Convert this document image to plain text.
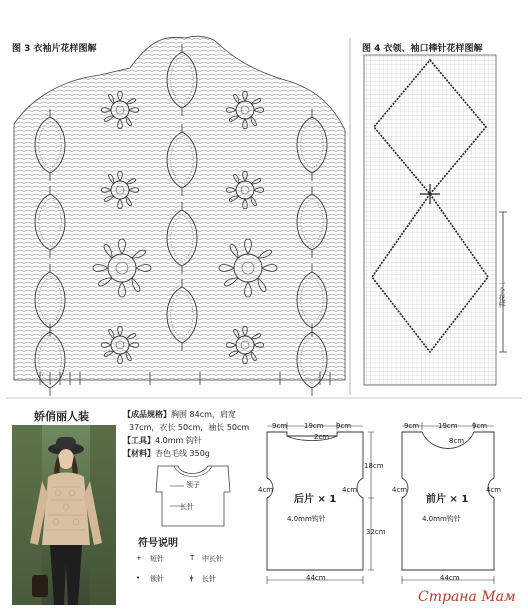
图 3 衣袖片花样图解	图 4 衣领、袖口棒针花样图解
一个花样
娇俏丽人装	【成品规格】胸围 84cm，肩宽
37cm，衣长 50cm，袖长 50cm
【工具】4.0mm 钩针
【材料】杏色毛线 350g
领子
长针
符号说明
+ 短针	T 中长针
• 锁针	ǂ 长针
9cm 19cm 9cm
2cm
18cm
4cm	4cm
后片 × 1
4.0mm钩针
32cm
44cm
9cm	19cm 9cm
8cm
4cm	4cm
前片 × 1
4.0mm钩针
44cm
Страна Мам
